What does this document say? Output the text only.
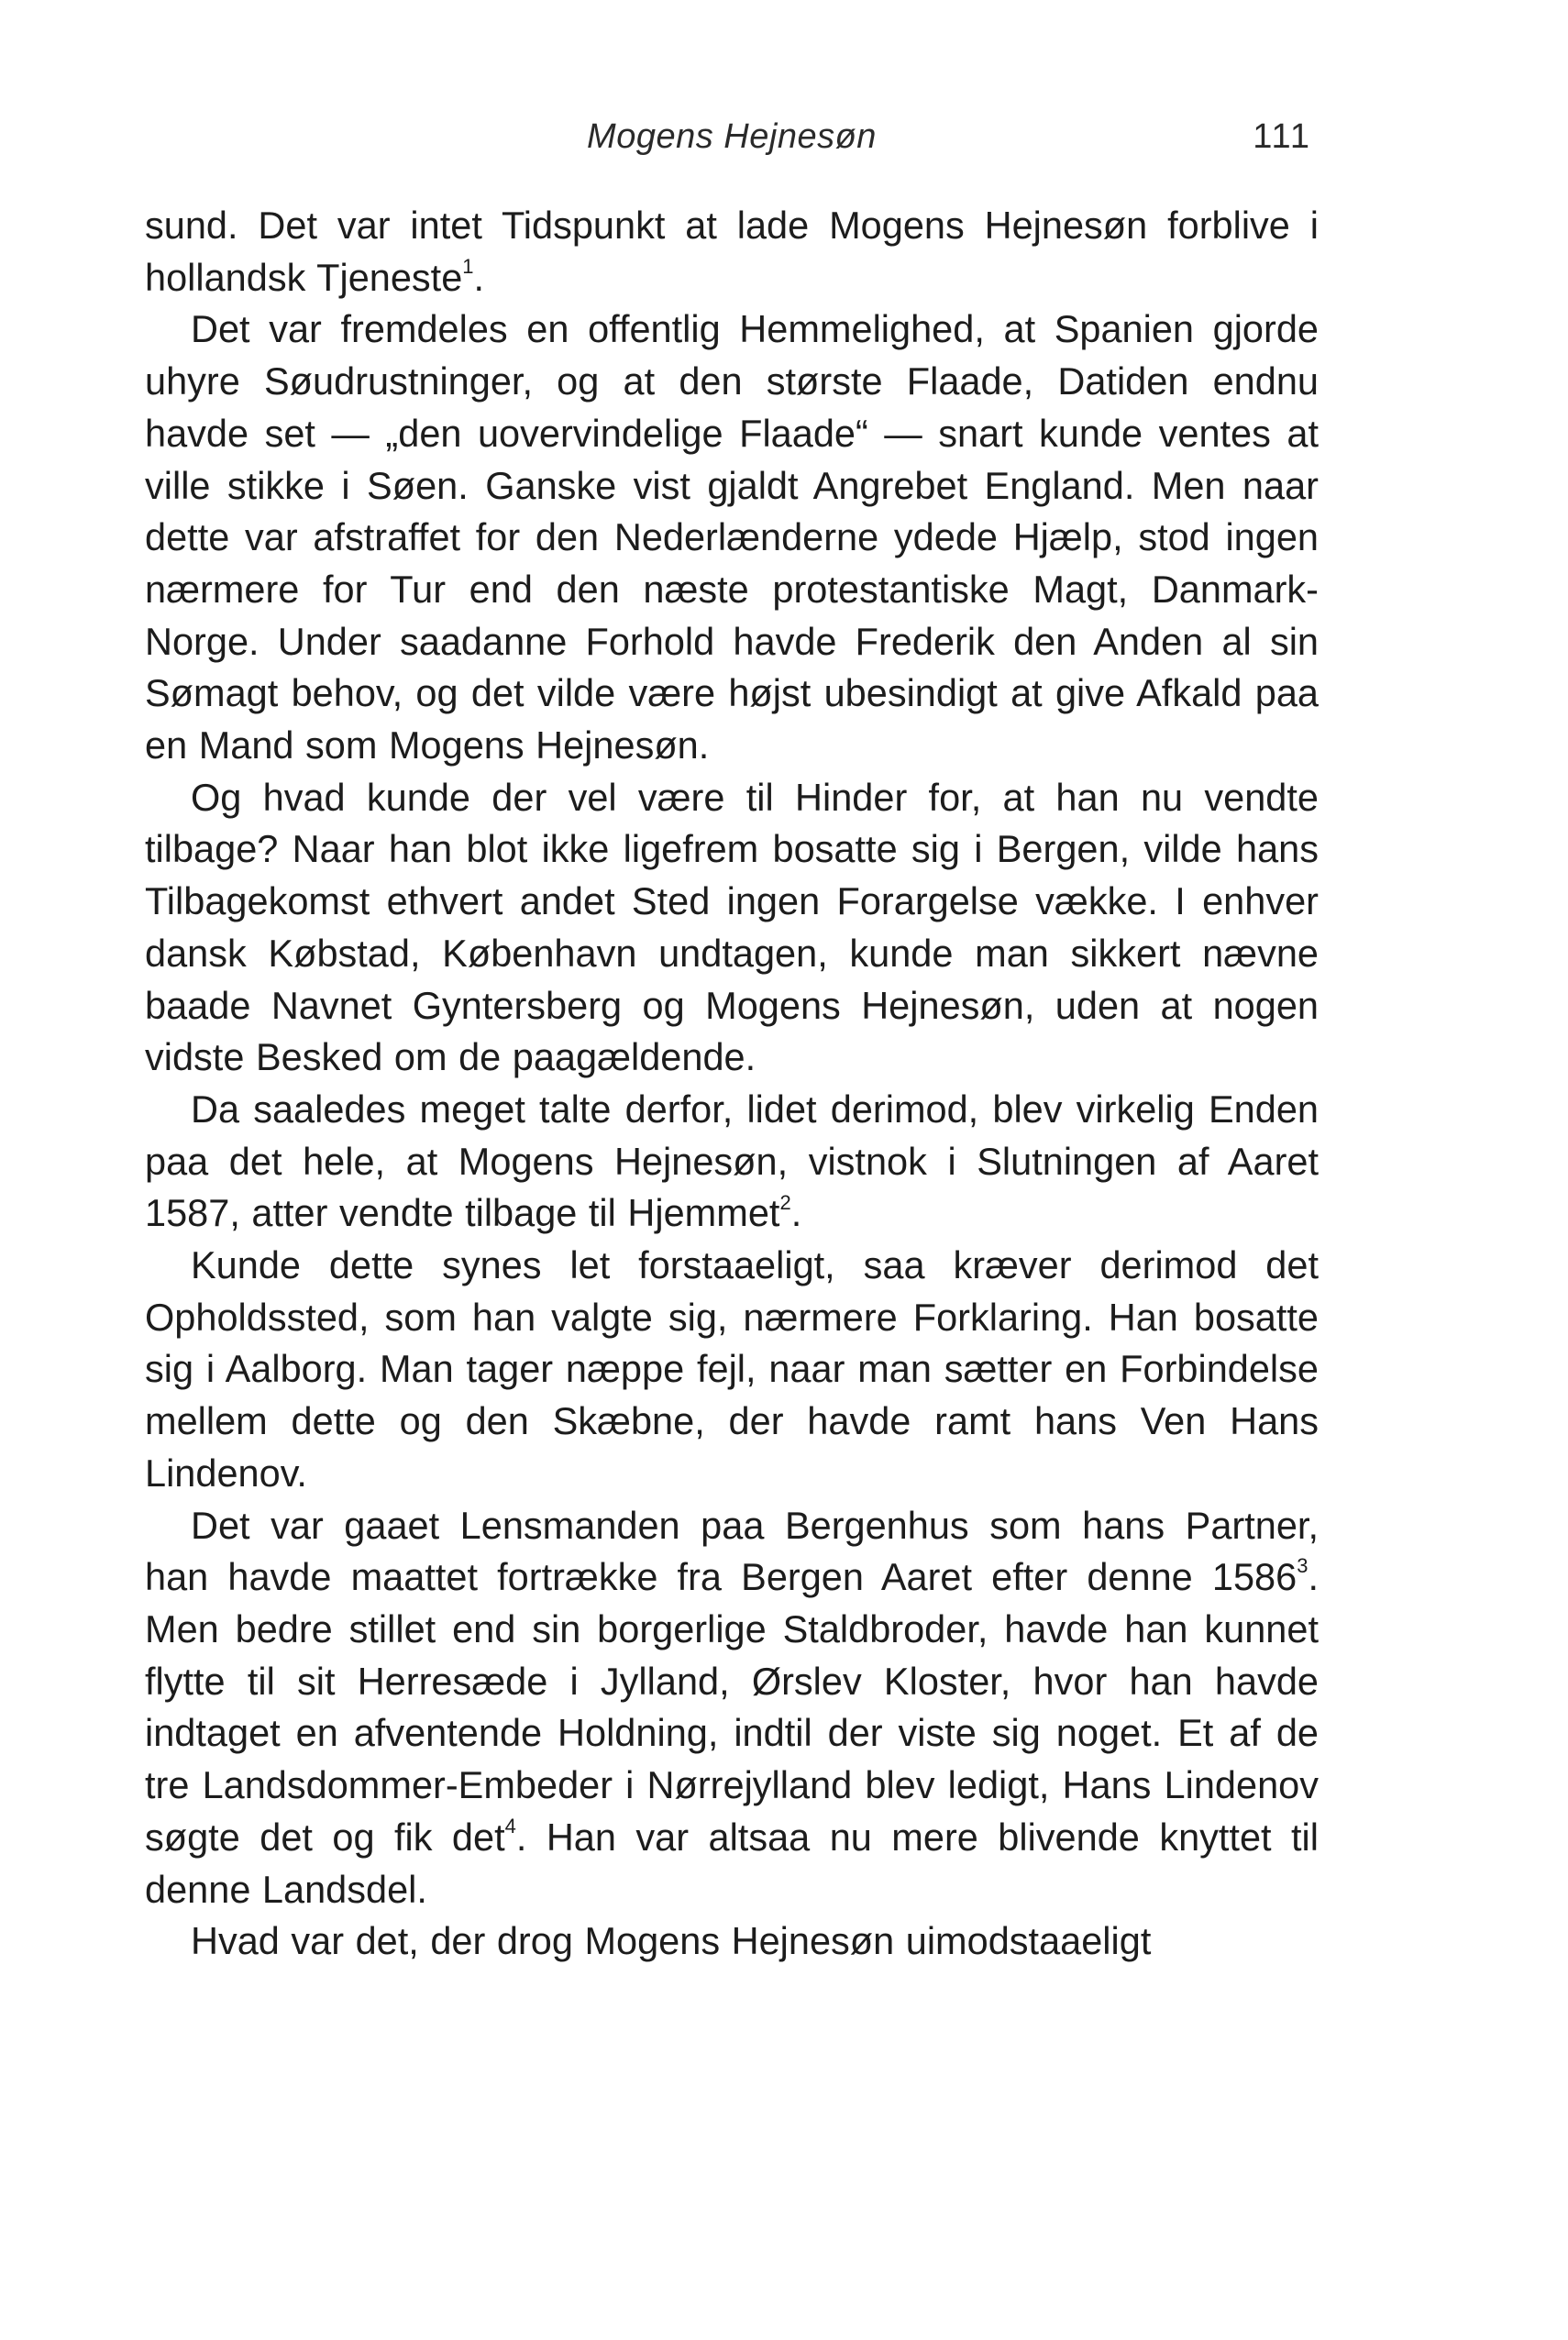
Mogens Hejnesøn	111

sund. Det var intet Tidspunkt at lade Mogens Hejnesøn forblive i hollandsk Tjeneste$^1$.

Det var fremdeles en offentlig Hemmelighed, at Spanien gjorde uhyre Søudrustninger, og at den største Flaade, Datiden endnu havde set — „den uovervindelige Flaade“ — snart kunde ventes at ville stikke i Søen. Ganske vist gjaldt Angrebet England. Men naar dette var afstraffet for den Nederlænderne ydede Hjælp, stod ingen nærmere for Tur end den næste protestantiske Magt, Danmark-Norge. Under saadanne Forhold havde Frederik den Anden al sin Sømagt behov, og det vilde være højst ubesindigt at give Afkald paa en Mand som Mogens Hejnesøn.

Og hvad kunde der vel være til Hinder for, at han nu vendte tilbage? Naar han blot ikke ligefrem bosatte sig i Bergen, vilde hans Tilbagekomst ethvert andet Sted ingen Forargelse vække. I enhver dansk Købstad, København undtagen, kunde man sikkert nævne baade Navnet Gyntersberg og Mogens Hejnesøn, uden at nogen vidste Besked om de paagældende.

Da saaledes meget talte derfor, lidet derimod, blev virkelig Enden paa det hele, at Mogens Hejnesøn, vistnok i Slutningen af Aaret 1587, atter vendte tilbage til Hjemmet$^2$.

Kunde dette synes let forstaaeligt, saa kræver derimod det Opholdssted, som han valgte sig, nærmere Forklaring. Han bosatte sig i Aalborg. Man tager næppe fejl, naar man sætter en Forbindelse mellem dette og den Skæbne, der havde ramt hans Ven Hans Lindenov.

Det var gaaet Lensmanden paa Bergenhus som hans Partner, han havde maattet fortrække fra Bergen Aaret efter denne 1586$^3$. Men bedre stillet end sin borgerlige Staldbroder, havde han kunnet flytte til sit Herresæde i Jylland, Ørslev Kloster, hvor han havde indtaget en afventende Holdning, indtil der viste sig noget. Et af de tre Landsdommer-Embeder i Nørrejylland blev ledigt, Hans Lindenov søgte det og fik $\det^4$. Han var altsaa nu mere blivende knyttet til denne Landsdel.

Hvad var det, der drog Mogens Hejnesøn uimodstaaeligt
